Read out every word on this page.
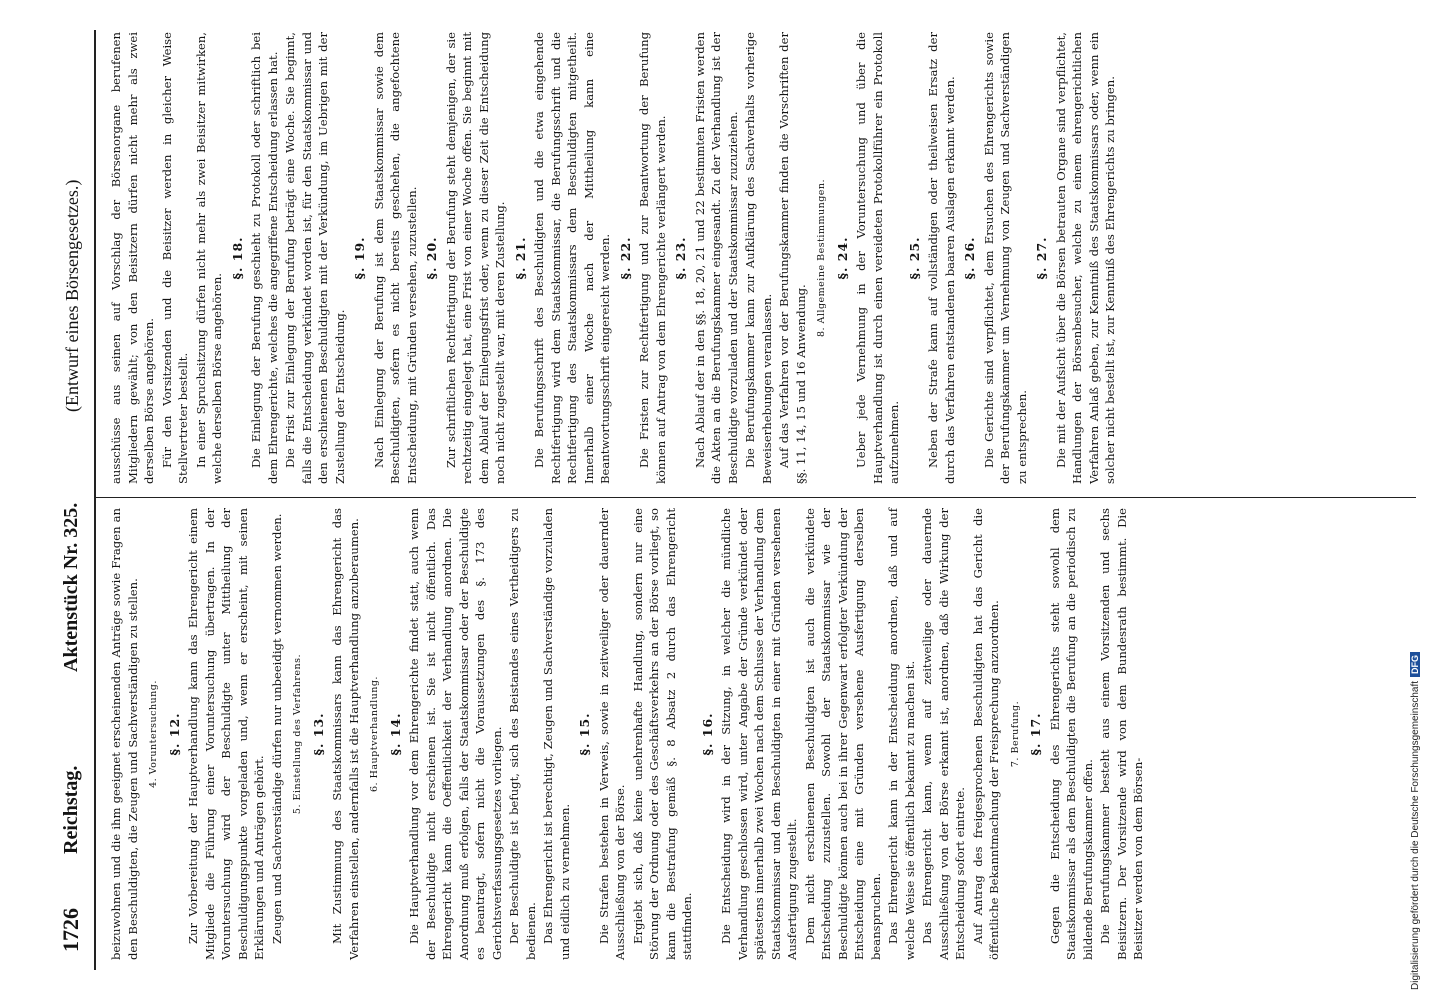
1726
Reichstag.
Aktenstück Nr. 325.
(Entwurf eines Börsengesetzes.)

beizuwohnen und die ihm geeignet erscheinenden Anträge sowie Fragen an den Beschuldigten, die Zeugen und Sachverständigen zu stellen. 4. Voruntersuchung. §. 12. Zur Vorbereitung der Hauptverhandlung kann das Ehrengericht einem Mitgliede die Führung einer Voruntersuchung übertragen. In der Voruntersuchung wird der Beschuldigte unter Mittheilung der Beschuldigungspunkte vorgeladen und, wenn er erscheint, mit seinen Erklärungen und Anträgen gehört. Zeugen und Sachverständige dürfen nur unbeeidigt vernommen werden. 5. Einstellung des Verfahrens. §. 13. Mit Zustimmung des Staatskommissars kann das Ehrengericht das Verfahren einstellen, andernfalls ist die Hauptverhandlung anzuberaumen. 6. Hauptverhandlung. §. 14. Die Hauptverhandlung vor dem Ehrengerichte findet statt, auch wenn der Beschuldigte nicht erschienen ist. Sie ist nicht öffentlich. Das Ehrengericht kann die Oeffentlichkeit der Verhandlung anordnen. Die Anordnung muß erfolgen, falls der Staatskommissar oder der Beschuldigte es beantragt, sofern nicht die Voraussetzungen des §. 173 des Gerichtsverfassungsgesetzes vorliegen. Der Beschuldigte ist befugt, sich des Beistandes eines Vertheidigers zu bedienen. Das Ehrengericht ist berechtigt, Zeugen und Sachverständige vorzuladen und eidlich zu vernehmen.

§. 15. Die Strafen bestehen in Verweis, sowie in zeitweiliger oder dauernder Ausschließung von der Börse. Ergiebt sich, daß keine unehrenhafte Handlung, sondern nur eine Störung der Ordnung oder des Geschäftsverkehrs an der Börse vorliegt, so kann die Bestrafung gemäß §. 8 Absatz 2 durch das Ehrengericht stattfinden.

§. 16. Die Entscheidung wird in der Sitzung, in welcher die mündliche Verhandlung geschlossen wird, unter Angabe der Gründe verkündet oder spätestens innerhalb zwei Wochen nach dem Schlusse der Verhandlung dem Staatskommissar und dem Beschuldigten in einer mit Gründen versehenen Ausfertigung zugestellt. Dem nicht erschienenen Beschuldigten ist auch die verkündete Entscheidung zuzustellen. Sowohl der Staatskommissar wie der Beschuldigte können auch bei in ihrer Gegenwart erfolgter Verkündung der Entscheidung eine mit Gründen versehene Ausfertigung derselben beanspruchen. Das Ehrengericht kann in der Entscheidung anordnen, daß und auf welche Weise sie öffentlich bekannt zu machen ist. Das Ehrengericht kann, wenn auf zeitweilige oder dauernde Ausschließung von der Börse erkannt ist, anordnen, daß die Wirkung der Entscheidung sofort eintrete. Auf Antrag des freigesprochenen Beschuldigten hat das Gericht die öffentliche Bekanntmachung der Freisprechung anzuordnen. 7. Berufung. §. 17. Gegen die Entscheidung des Ehrengerichts steht sowohl dem Staatskommissar als dem Beschuldigten die Berufung an die periodisch zu bildende Berufungskammer offen. Die Berufungskammer besteht aus einem Vorsitzenden und sechs Beisitzern. Der Vorsitzende wird von dem Bundesrath bestimmt. Die Beisitzer werden von dem Börsen-

ausschüsse aus seinen auf Vorschlag der Börsenorgane berufenen Mitgliedern gewählt; von den Beisitzern dürfen nicht mehr als zwei derselben Börse angehören. Für den Vorsitzenden und die Beisitzer werden in gleicher Weise Stellvertreter bestellt. In einer Spruchsitzung dürfen nicht mehr als zwei Beisitzer mitwirken, welche derselben Börse angehören.

§. 18. Die Einlegung der Berufung geschieht zu Protokoll oder schriftlich bei dem Ehrengerichte, welches die angegriffene Entscheidung erlassen hat. Die Frist zur Einlegung der Berufung beträgt eine Woche. Sie beginnt, falls die Entscheidung verkündet worden ist, für den Staatskommissar und den erschienenen Beschuldigten mit der Verkündung, im Uebrigen mit der Zustellung der Entscheidung.

§. 19. Nach Einlegung der Berufung ist dem Staatskommissar sowie dem Beschuldigten, sofern es nicht bereits geschehen, die angefochtene Entscheidung, mit Gründen versehen, zuzustellen. §. 20. Zur schriftlichen Rechtfertigung der Berufung steht demjenigen, der sie rechtzeitig eingelegt hat, eine Frist von einer Woche offen. Sie beginnt mit dem Ablauf der Einlegungsfrist oder, wenn zu dieser Zeit die Entscheidung noch nicht zugestellt war, mit deren Zustellung. §. 21. Die Berufungsschrift des Beschuldigten und die etwa eingehende Rechtfertigung wird dem Staatskommissar, die Berufungsschrift und die Rechtfertigung des Staatskommissars dem Beschuldigten mitgetheilt. Innerhalb einer Woche nach der Mittheilung kann eine Beantwortungsschrift eingereicht werden. §. 22. Die Fristen zur Rechtfertigung und zur Beantwortung der Berufung können auf Antrag von dem Ehrengerichte verlängert werden. §. 23. Nach Ablauf der in den §§. 18, 20, 21 und 22 bestimmten Fristen werden die Akten an die Berufungskammer eingesandt. Zu der Verhandlung ist der Beschuldigte vorzuladen und der Staatskommissar zuzuziehen. Die Berufungskammer kann zur Aufklärung des Sachverhalts vorherige Beweiserhebungen veranlassen. Auf das Verfahren vor der Berufungskammer finden die Vorschriften der §§. 11, 14, 15 und 16 Anwendung.

8. Allgemeine Bestimmungen. §. 24. Ueber jede Vernehmung in der Voruntersuchung und über die Hauptverhandlung ist durch einen vereideten Protokollführer ein Protokoll aufzunehmen.

§. 25. Neben der Strafe kann auf vollständigen oder theilweisen Ersatz der durch das Verfahren entstandenen baaren Auslagen erkannt werden. §. 26. Die Gerichte sind verpflichtet, dem Ersuchen des Ehrengerichts sowie der Berufungskammer um Vernehmung von Zeugen und Sachverständigen zu entsprechen.

§. 27. Die mit der Aufsicht über die Börsen betrauten Organe sind verpflichtet, Handlungen der Börsenbesucher, welche zu einem ehrengerichtlichen Verfahren Anlaß geben, zur Kenntniß des Staatskommissars oder, wenn ein solcher nicht bestellt ist, zur Kenntniß des Ehrengerichts zu bringen.

Digitalisierung gefördert durch die Deutsche ForschungsgemeinschaftDFG
